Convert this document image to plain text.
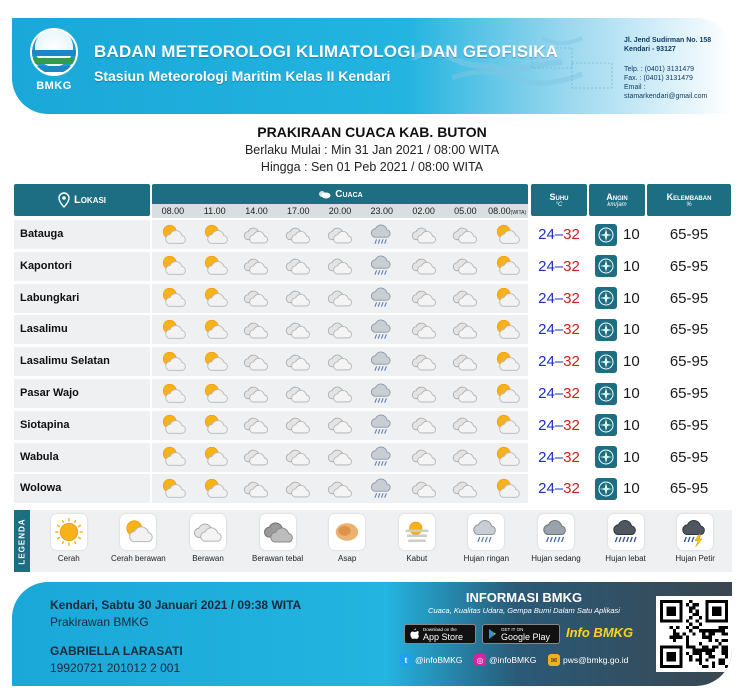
BMKG
BADAN METEOROLOGI KLIMATOLOGI DAN GEOFISIKA
Stasiun Meteorologi Maritim Kelas II Kendari
Jl. Jend Sudirman No. 158
Kendari - 93127
Telp. : (0401) 3131479
Fax. : (0401) 3131479
Email :
stamarkendari@gmail.com
PRAKIRAAN CUACA KAB. BUTON
Berlaku Mulai : Min 31 Jan 2021 / 08:00 WITA
Hingga : Sen 01 Peb 2021 / 08:00 WITA
Lokasi	Cuaca
08.00	11.00	14.00	17.00	20.00	23.00	02.00	05.00	08.00(WITA)
Suhu
°C
Angin
km/jam
Kelembaban
%
Batauga	24–32	10	65-95
Kapontori	24–32	10	65-95
Labungkari	24–32	10	65-95
Lasalimu	24–32	10	65-95
Lasalimu Selatan	24–32	10	65-95
Pasar Wajo	24–32	10	65-95
Siotapina	24–32	10	65-95
Wabula	24–32	10	65-95
Wolowa	24–32	10	65-95
LEGENDA	Cerah	Cerah berawan	Berawan	Berawan tebal	Asap	Kabut	Hujan ringan	Hujan sedang	Hujan lebat	Hujan Petir
Kendari, Sabtu 30 Januari 2021 / 09:38 WITA
Prakirawan BMKG
GABRIELLA LARASATI
19920721 201012 2 001
INFORMASI BMKG
Cuaca, Kualitas Udara, Gempa Bumi Dalam Satu Aplikasi
Download on the
App Store
GET IT ON
Google Play Info BMKG
t @infoBMKG	◎ @infoBMKG	✉ pws@bmkg.go.id
